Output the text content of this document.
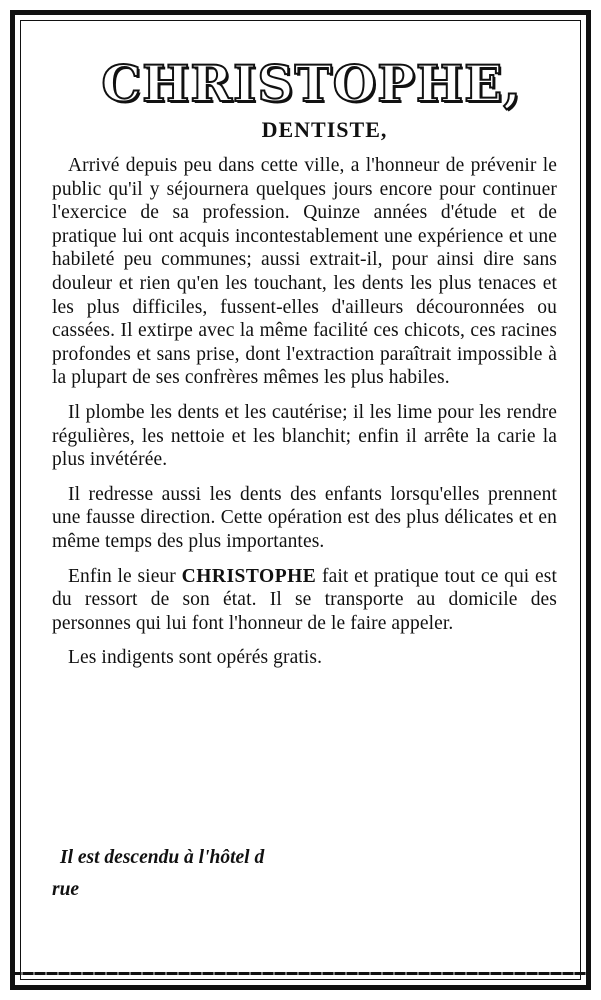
CHRISTOPHE,
DENTISTE,

Arrivé depuis peu dans cette ville, a l'honneur de prévenir le public qu'il y séjournera quelques jours encore pour continuer l'exercice de sa profession. Quinze années d'étude et de pratique lui ont acquis incontestablement une expérience et une habileté peu communes; aussi extrait-il, pour ainsi dire sans douleur et rien qu'en les touchant, les dents les plus tenaces et les plus difficiles, fussent-elles d'ailleurs découronnées ou cassées. Il extirpe avec la même facilité ces chicots, ces racines profondes et sans prise, dont l'extraction paraîtrait impossible à la plupart de ses confrères mêmes les plus habiles.

Il plombe les dents et les cautérise; il les lime pour les rendre régulières, les nettoie et les blanchit; enfin il arrête la carie la plus invétérée.

Il redresse aussi les dents des enfants lorsqu'elles prennent une fausse direction. Cette opération est des plus délicates et en même temps des plus importantes.

Enfin le sieur CHRISTOPHE fait et pratique tout ce qui est du ressort de son état. Il se transporte au domicile des personnes qui lui font l'honneur de le faire appeler.

Les indigents sont opérés gratis.

Il est descendu à l'hôtel d
rue
